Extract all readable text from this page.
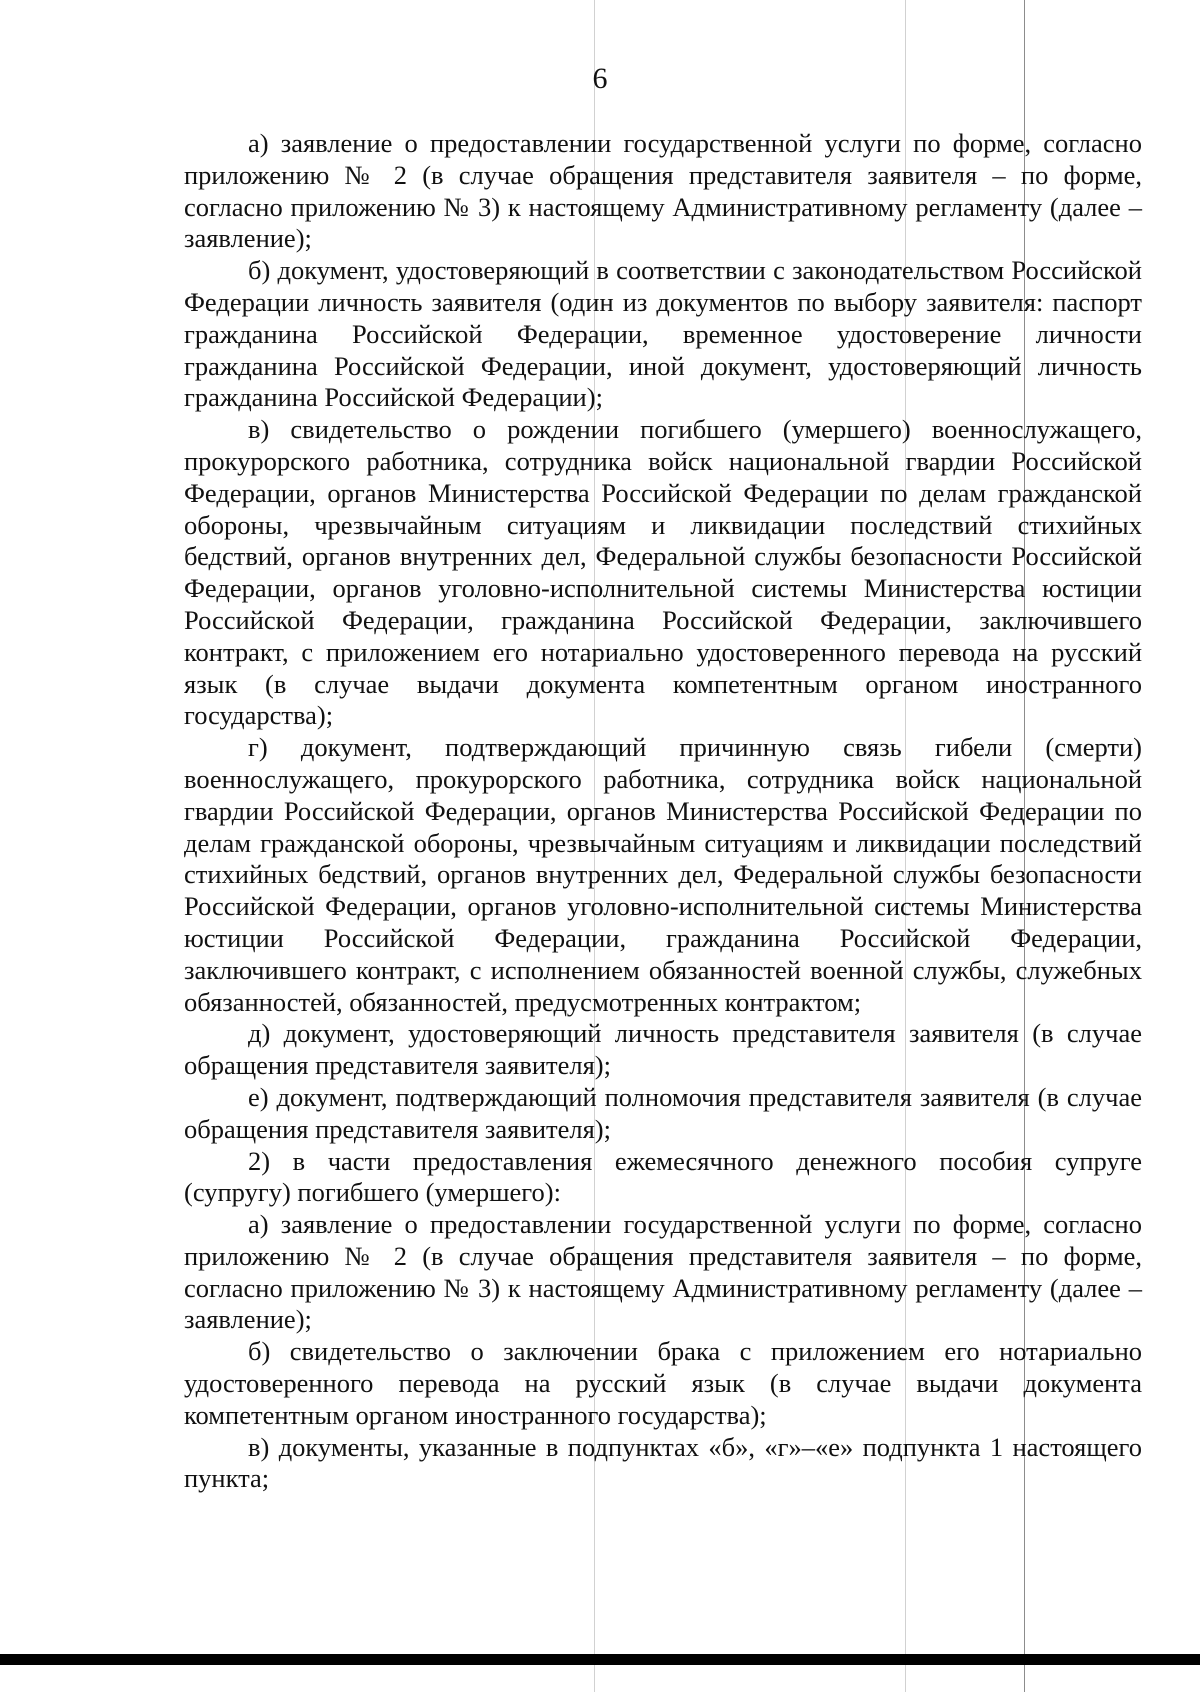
6

а) заявление о предоставлении государственной услуги по форме, согласно приложению № 2 (в случае обращения представителя заявителя – по форме, согласно приложению № 3) к настоящему Административному регламенту (далее – заявление);

б) документ, удостоверяющий в соответствии с законодательством Российской Федерации личность заявителя (один из документов по выбору заявителя: паспорт гражданина Российской Федерации, временное удостоверение личности гражданина Российской Федерации, иной документ, удостоверяющий личность гражданина Российской Федерации);

в) свидетельство о рождении погибшего (умершего) военнослужащего, прокурорского работника, сотрудника войск национальной гвардии Российской Федерации, органов Министерства Российской Федерации по делам гражданской обороны, чрезвычайным ситуациям и ликвидации последствий стихийных бедствий, органов внутренних дел, Федеральной службы безопасности Российской Федерации, органов уголовно-исполнительной системы Министерства юстиции Российской Федерации, гражданина Российской Федерации, заключившего контракт, с приложением его нотариально удостоверенного перевода на русский язык (в случае выдачи документа компетентным органом иностранного государства);

г) документ, подтверждающий причинную связь гибели (смерти) военнослужащего, прокурорского работника, сотрудника войск национальной гвардии Российской Федерации, органов Министерства Российской Федерации по делам гражданской обороны, чрезвычайным ситуациям и ликвидации последствий стихийных бедствий, органов внутренних дел, Федеральной службы безопасности Российской Федерации, органов уголовно-исполнительной системы Министерства юстиции Российской Федерации, гражданина Российской Федерации, заключившего контракт, с исполнением обязанностей военной службы, служебных обязанностей, обязанностей, предусмотренных контрактом;

д) документ, удостоверяющий личность представителя заявителя (в случае обращения представителя заявителя);

е) документ, подтверждающий полномочия представителя заявителя (в случае обращения представителя заявителя);

2) в части предоставления ежемесячного денежного пособия супруге (супругу) погибшего (умершего):

а) заявление о предоставлении государственной услуги по форме, согласно приложению № 2 (в случае обращения представителя заявителя – по форме, согласно приложению № 3) к настоящему Административному регламенту (далее – заявление);

б) свидетельство о заключении брака с приложением его нотариально удостоверенного перевода на русский язык (в случае выдачи документа компетентным органом иностранного государства);

в) документы, указанные в подпунктах «б», «г»–«е» подпункта 1 настоящего пункта;
